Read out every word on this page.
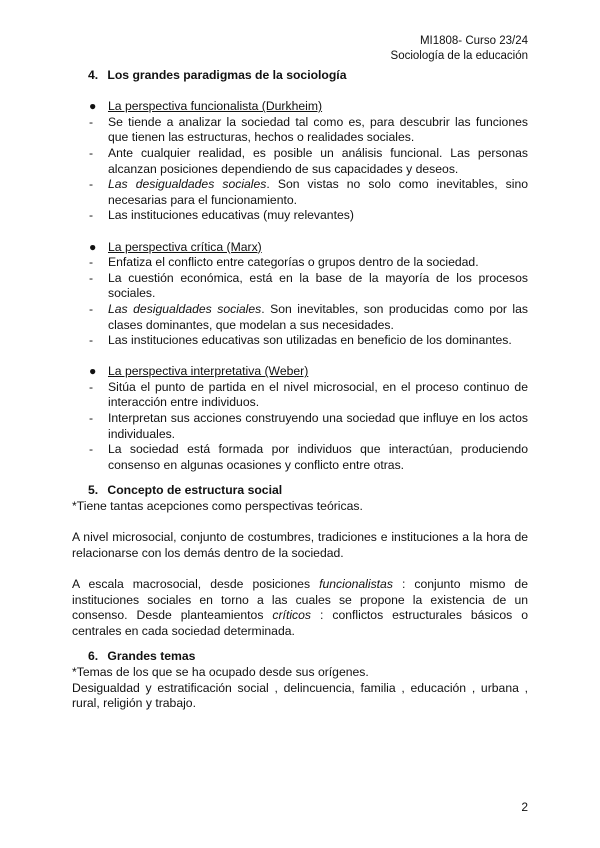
MI1808- Curso 23/24
Sociología de la educación
4. Los grandes paradigmas de la sociología
● La perspectiva funcionalista (Durkheim)
- Se tiende a analizar la sociedad tal como es, para descubrir las funciones que tienen las estructuras, hechos o realidades sociales.
- Ante cualquier realidad, es posible un análisis funcional. Las personas alcanzan posiciones dependiendo de sus capacidades y deseos.
- Las desigualdades sociales. Son vistas no solo como inevitables, sino necesarias para el funcionamiento.
- Las instituciones educativas (muy relevantes)
● La perspectiva crítica (Marx)
- Enfatiza el conflicto entre categorías o grupos dentro de la sociedad.
- La cuestión económica, está en la base de la mayoría de los procesos sociales.
- Las desigualdades sociales. Son inevitables, son producidas como por las clases dominantes, que modelan a sus necesidades.
- Las instituciones educativas son utilizadas en beneficio de los dominantes.
● La perspectiva interpretativa (Weber)
- Sitúa el punto de partida en el nivel microsocial, en el proceso continuo de interacción entre individuos.
- Interpretan sus acciones construyendo una sociedad que influye en los actos individuales.
- La sociedad está formada por individuos que interactúan, produciendo consenso en algunas ocasiones y conflicto entre otras.
5. Concepto de estructura social

*Tiene tantas acepciones como perspectivas teóricas.

A nivel microsocial, conjunto de costumbres, tradiciones e instituciones a la hora de relacionarse con los demás dentro de la sociedad.

A escala macrosocial, desde posiciones funcionalistas : conjunto mismo de instituciones sociales en torno a las cuales se propone la existencia de un consenso. Desde planteamientos críticos : conflictos estructurales básicos o centrales en cada sociedad determinada.

6. Grandes temas

*Temas de los que se ha ocupado desde sus orígenes.

Desigualdad y estratificación social , delincuencia, familia , educación , urbana , rural, religión y trabajo.

2
